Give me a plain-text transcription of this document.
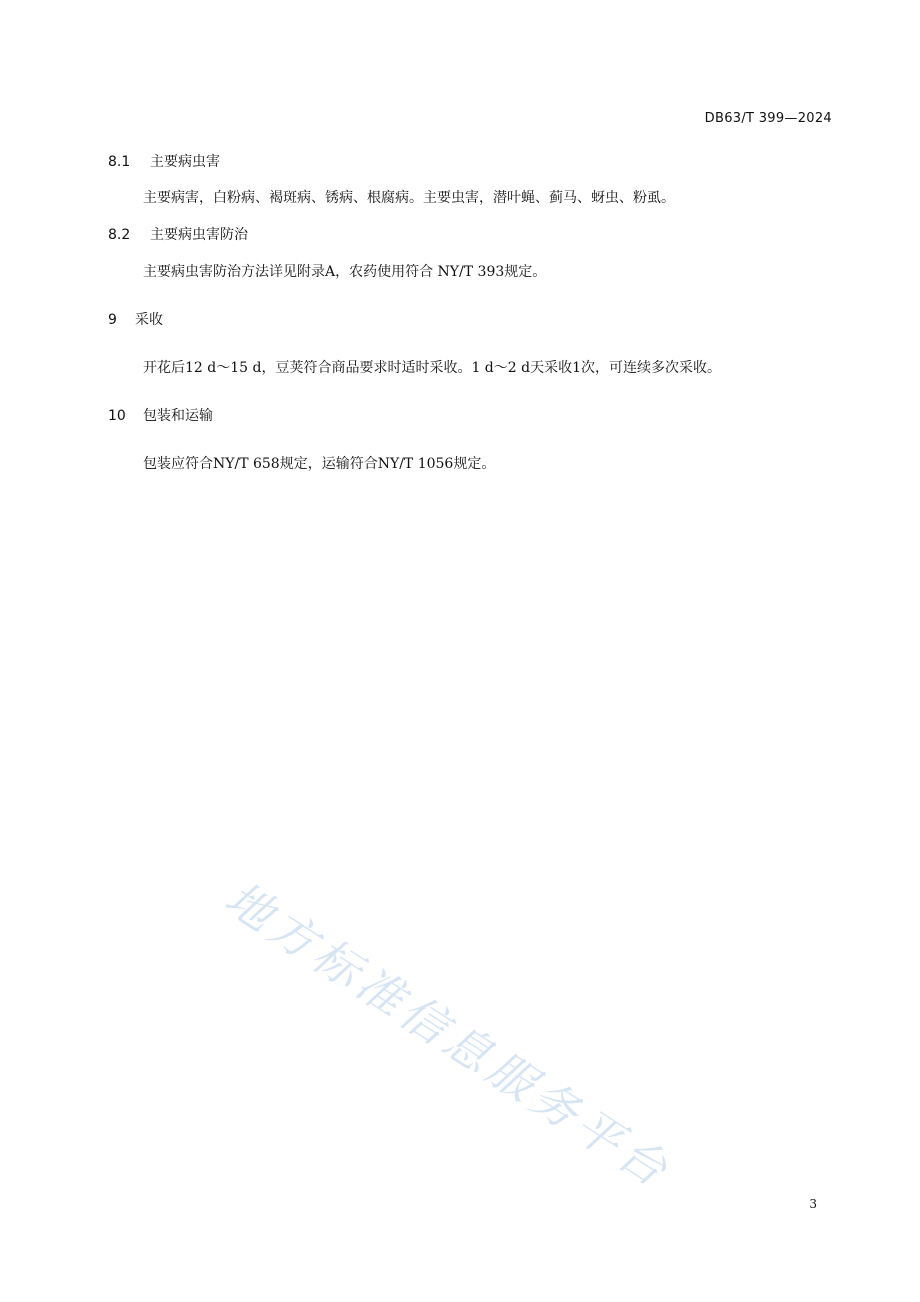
DB63/T 399—2024
8.1 主要病虫害
主要病害，白粉病、褐斑病、锈病、根腐病。主要虫害，潜叶蝇、蓟马、蚜虫、粉虱。
8.2 主要病虫害防治
主要病虫害防治方法详见附录A，农药使用符合 NY/T 393规定。
9 采收
开花后12 d～15 d，豆荚符合商品要求时适时采收。1 d～2 d天采收1次，可连续多次采收。
10 包装和运输
包装应符合NY/T 658规定，运输符合NY/T 1056规定。
地方标准信息服务平台
3
